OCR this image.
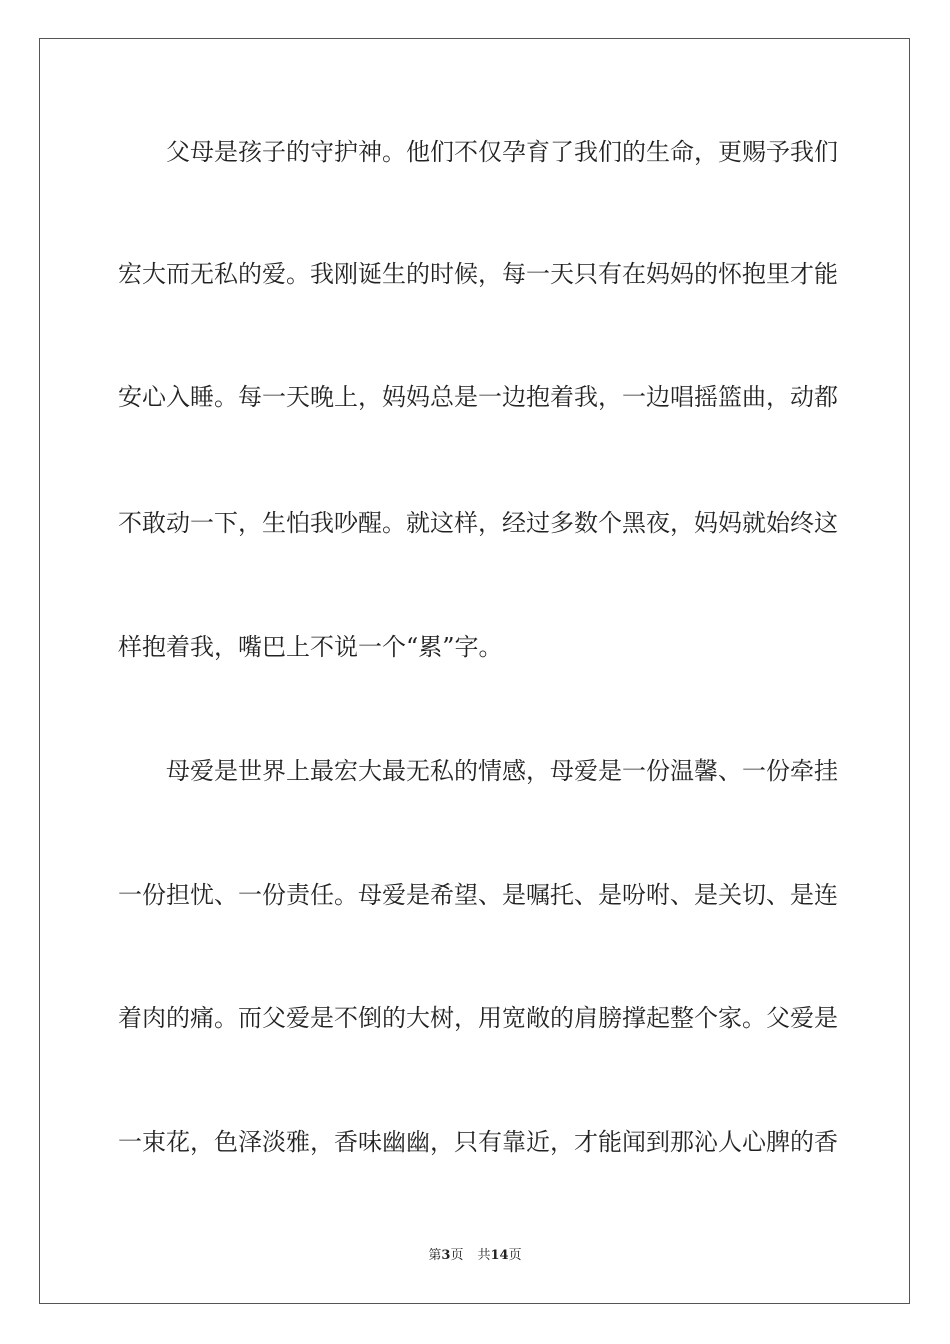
父母是孩子的守护神。他们不仅孕育了我们的生命，更赐予我们
宏大而无私的爱。我刚诞生的时候，每一天只有在妈妈的怀抱里才能
安心入睡。每一天晚上，妈妈总是一边抱着我，一边唱摇篮曲，动都
不敢动一下，生怕我吵醒。就这样，经过多数个黑夜，妈妈就始终这
样抱着我，嘴巴上不说一个“累”字。
母爱是世界上最宏大最无私的情感，母爱是一份温馨、一份牵挂
一份担忧、一份责任。母爱是希望、是嘱托、是吩咐、是关切、是连
着肉的痛。而父爱是不倒的大树，用宽敞的肩膀撑起整个家。父爱是
一束花，色泽淡雅，香味幽幽，只有靠近，才能闻到那沁人心脾的香
第3页 共14页
